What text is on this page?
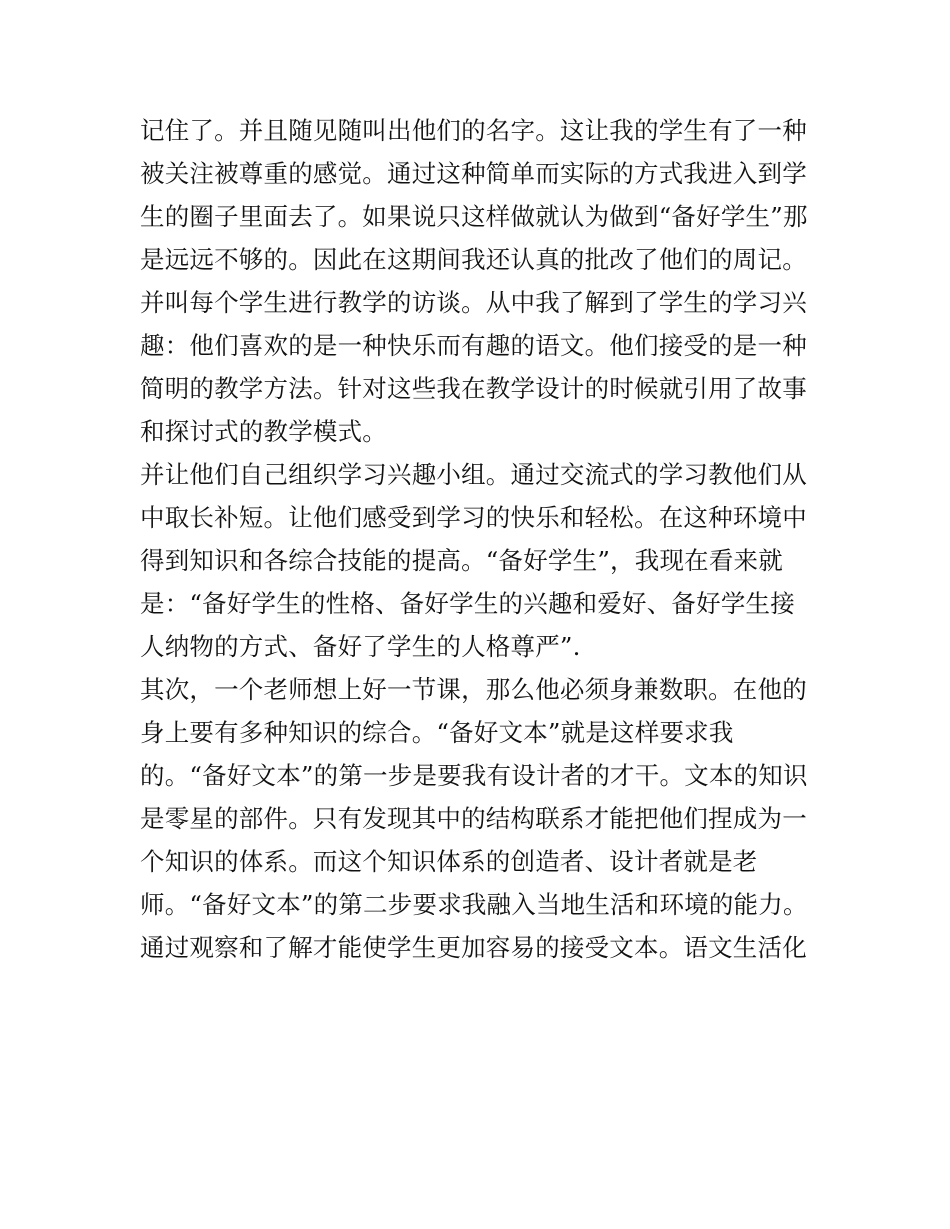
记住了。并且随见随叫出他们的名字。这让我的学生有了一种
被关注被尊重的感觉。通过这种简单而实际的方式我进入到学
生的圈子里面去了。如果说只这样做就认为做到“备好学生”那
是远远不够的。因此在这期间我还认真的批改了他们的周记。
并叫每个学生进行教学的访谈。从中我了解到了学生的学习兴
趣：他们喜欢的是一种快乐而有趣的语文。他们接受的是一种
简明的教学方法。针对这些我在教学设计的时候就引用了故事
和探讨式的教学模式。
并让他们自己组织学习兴趣小组。通过交流式的学习教他们从
中取长补短。让他们感受到学习的快乐和轻松。在这种环境中
得到知识和各综合技能的提高。“备好学生”，我现在看来就
是：“备好学生的性格、备好学生的兴趣和爱好、备好学生接
人纳物的方式、备好了学生的人格尊严”.
其次，一个老师想上好一节课，那么他必须身兼数职。在他的
身上要有多种知识的综合。“备好文本”就是这样要求我
的。“备好文本”的第一步是要我有设计者的才干。文本的知识
是零星的部件。只有发现其中的结构联系才能把他们捏成为一
个知识的体系。而这个知识体系的创造者、设计者就是老
师。“备好文本”的第二步要求我融入当地生活和环境的能力。
通过观察和了解才能使学生更加容易的接受文本。语文生活化
